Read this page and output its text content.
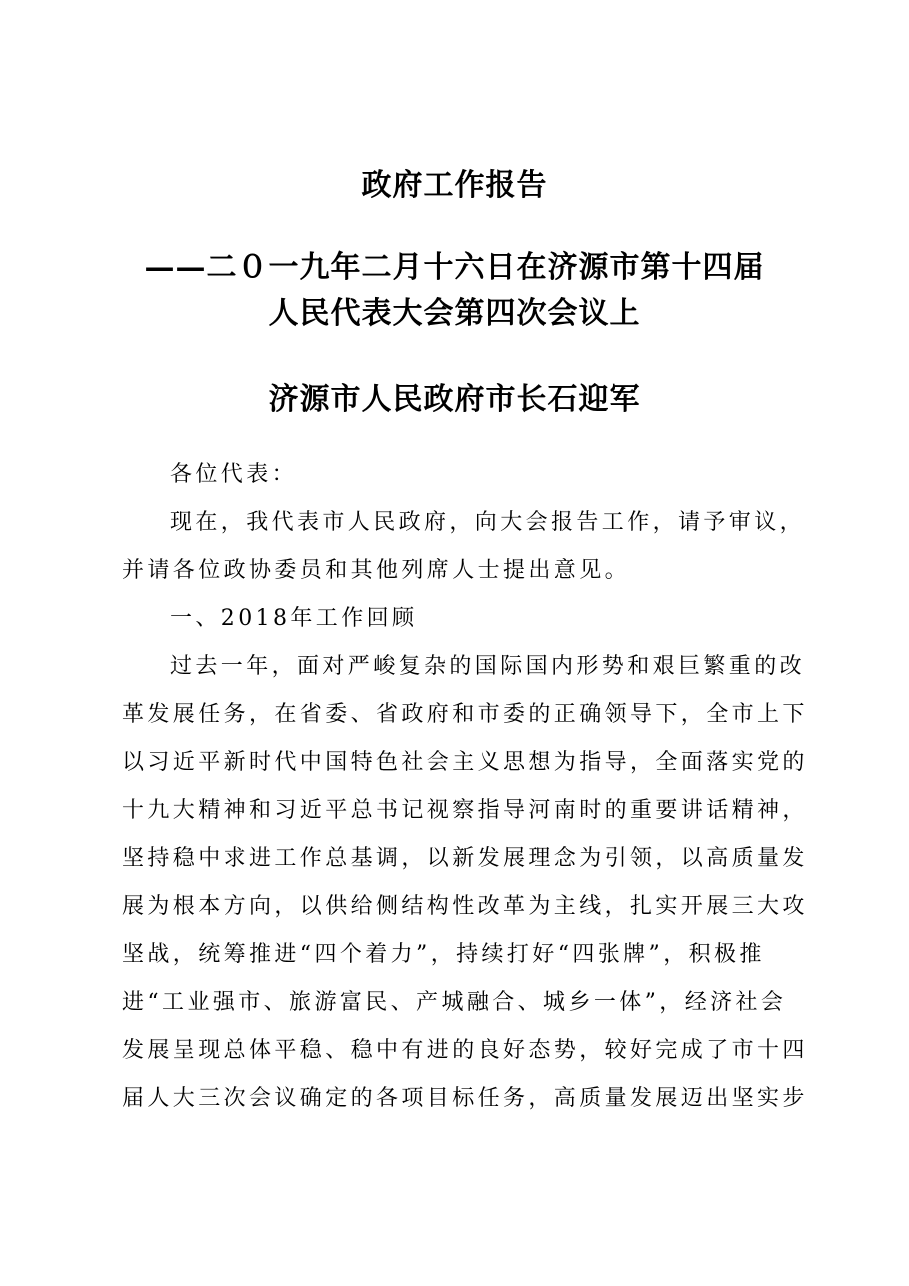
政府工作报告
——二０一九年二月十六日在济源市第十四届
人民代表大会第四次会议上
济源市人民政府市长石迎军
各位代表：
现在，我代表市人民政府，向大会报告工作，请予审议，
并请各位政协委员和其他列席人士提出意见。
一、2018年工作回顾
过去一年，面对严峻复杂的国际国内形势和艰巨繁重的改
革发展任务，在省委、省政府和市委的正确领导下，全市上下
以习近平新时代中国特色社会主义思想为指导，全面落实党的
十九大精神和习近平总书记视察指导河南时的重要讲话精神，
坚持稳中求进工作总基调，以新发展理念为引领，以高质量发
展为根本方向，以供给侧结构性改革为主线，扎实开展三大攻
坚战，统筹推进“四个着力”，持续打好“四张牌”，积极推
进“工业强市、旅游富民、产城融合、城乡一体”，经济社会
发展呈现总体平稳、稳中有进的良好态势，较好完成了市十四
届人大三次会议确定的各项目标任务，高质量发展迈出坚实步
